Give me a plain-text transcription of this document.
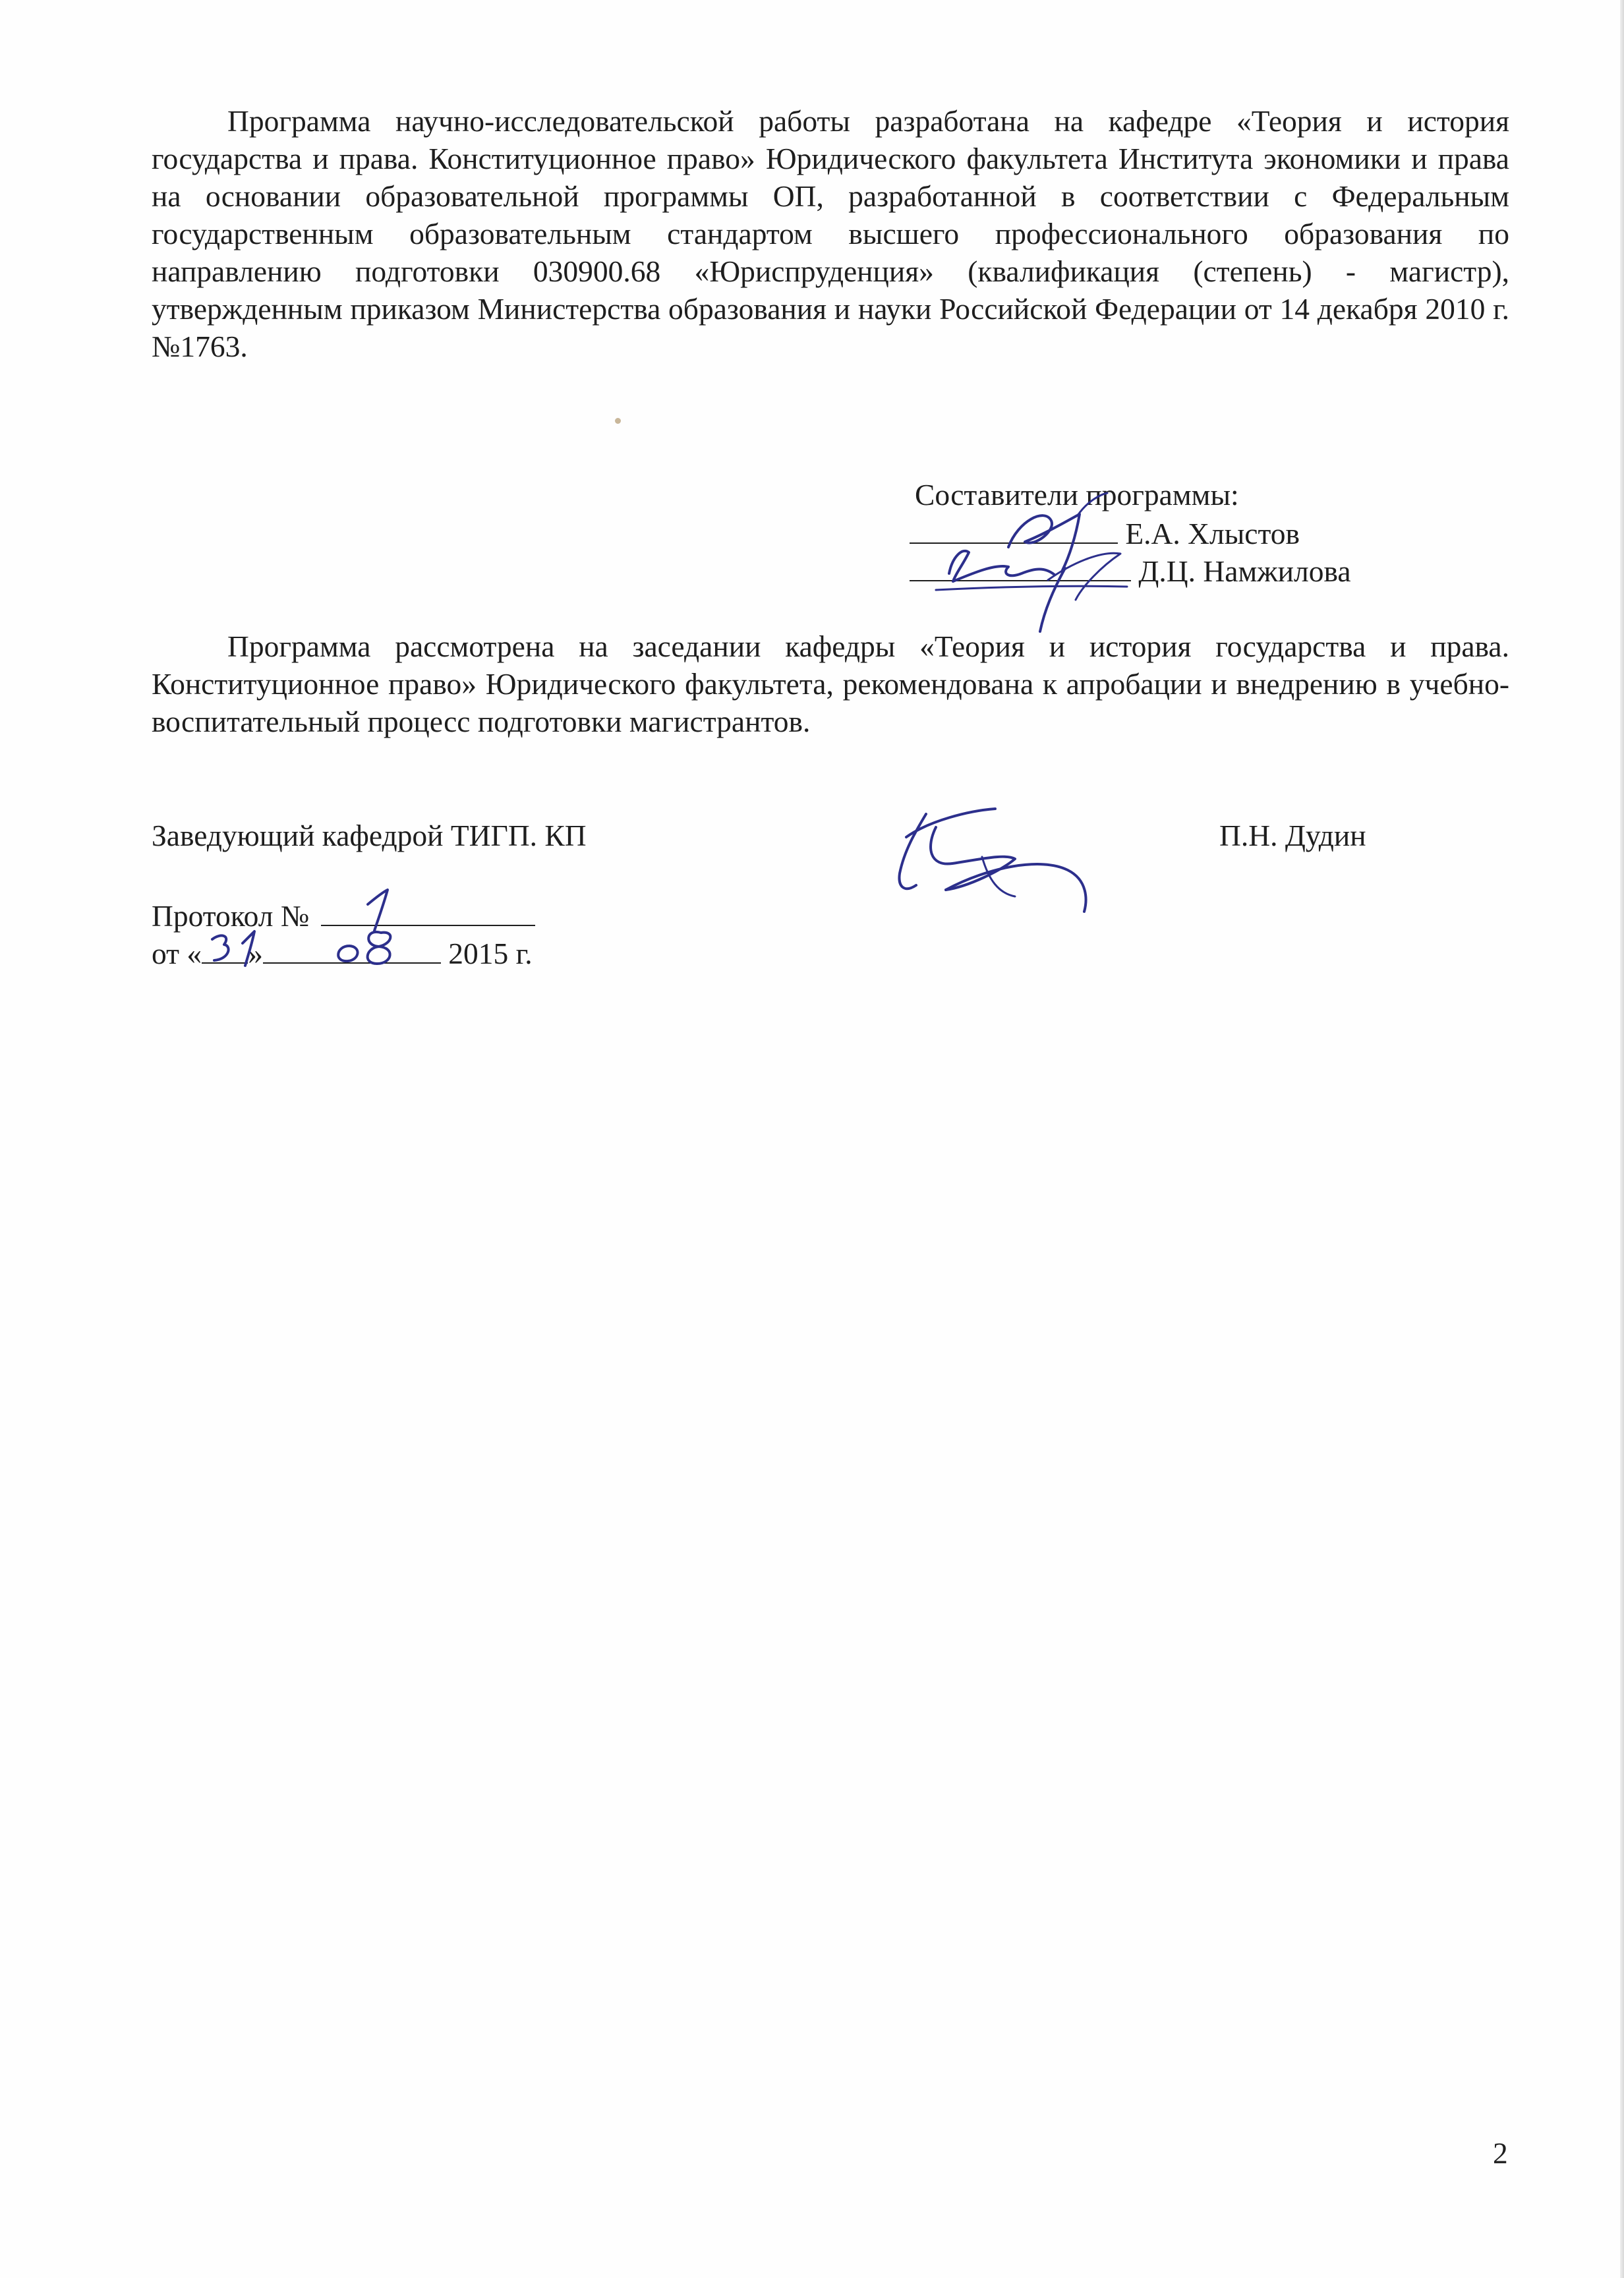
Программа научно-исследовательской работы разработана на кафедре «Теория и история государства и права. Конституционное право» Юридического факультета Института экономики и права на основании образовательной программы ОП, разработанной в соответствии с Федеральным государственным образовательным стандартом высшего профессионального образования по направлению подготовки 030900.68 «Юриспруденция» (квалификация (степень) - магистр), утвержденным приказом Министерства образования и науки Российской Федерации от 14 декабря 2010 г. №1763.

Составители программы:
Е.А. Хлыстов
Д.Ц. Намжилова

Программа рассмотрена на заседании кафедры «Теория и история государства и права. Конституционное право» Юридического факультета, рекомендована к апробации и внедрению в учебно-воспитательный процесс подготовки магистрантов.

Заведующий кафедрой ТИГП. КП	П.Н. Дудин
Протокол №
от « »	2015 г.
2
